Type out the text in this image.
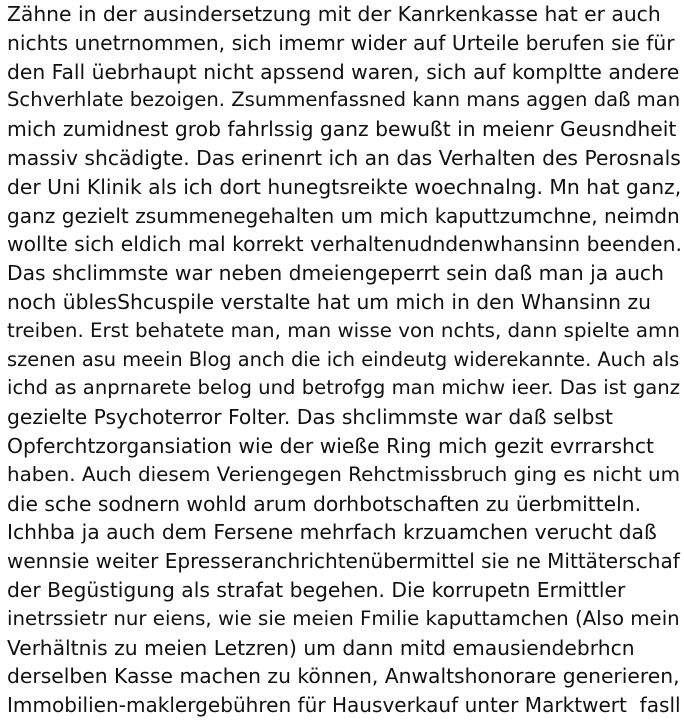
Zähne in der ausindersetzung mit der Kanrkenkasse hat er auch
nichts unetrnommen, sich imemr wider auf Urteile berufen sie für
den Fall üebrhaupt nicht apssend waren, sich auf kompltte andere
Schverhlate bezoigen. Zsummenfassned kann mans aggen daß man
mich zumidnest grob fahrlssig ganz bewußt in meienr Geusndheit
massiv shcädigte. Das erinenrt ich an das Verhalten des Perosnals
der Uni Klinik als ich dort hunegtsreikte woechnalng. Mn hat ganz,
ganz gezielt zsummenegehalten um mich kaputtzumchne, neimdn
wollte sich eldich mal korrekt verhaltenudndenwhansinn beenden.
Das shclimmste war neben dmeiengeperrt sein daß man ja auch
noch üblesShcuspile verstalte hat um mich in den Whansinn zu
treiben. Erst behatete man, man wisse von nchts, dann spielte amn
szenen asu meein Blog anch die ich eindeutg widerekannte. Auch als
ichd as anprnarete belog und betrofgg man michw ieer. Das ist ganz
gezielte Psychoterror Folter. Das shclimmste war daß selbst
Opferchtzorgansiation wie der wieße Ring mich gezit evrrarshct
haben. Auch diesem Veriengegen Rehctmissbruch ging es nicht um
die sche sodnern wohld arum dorhbotschaften zu üerbmitteln.
Ichhba ja auch dem Fersene mehrfach krzuamchen verucht daß
wennsie weiter Epresseranchrichtenübermittel sie ne Mittäterschaf
der Begüstigung als strafat begehen. Die korrupetn Ermittler
inetrssietr nur eiens, wie sie meien Fmilie kaputtamchen (Also mein
Verhältnis zu meien Letzren) um dann mitd emausiendebrhcn
derselben Kasse machen zu können, Anwaltshonorare generieren,
Immobilien-maklergebühren für Hausverkauf unter Marktwert  fasll
